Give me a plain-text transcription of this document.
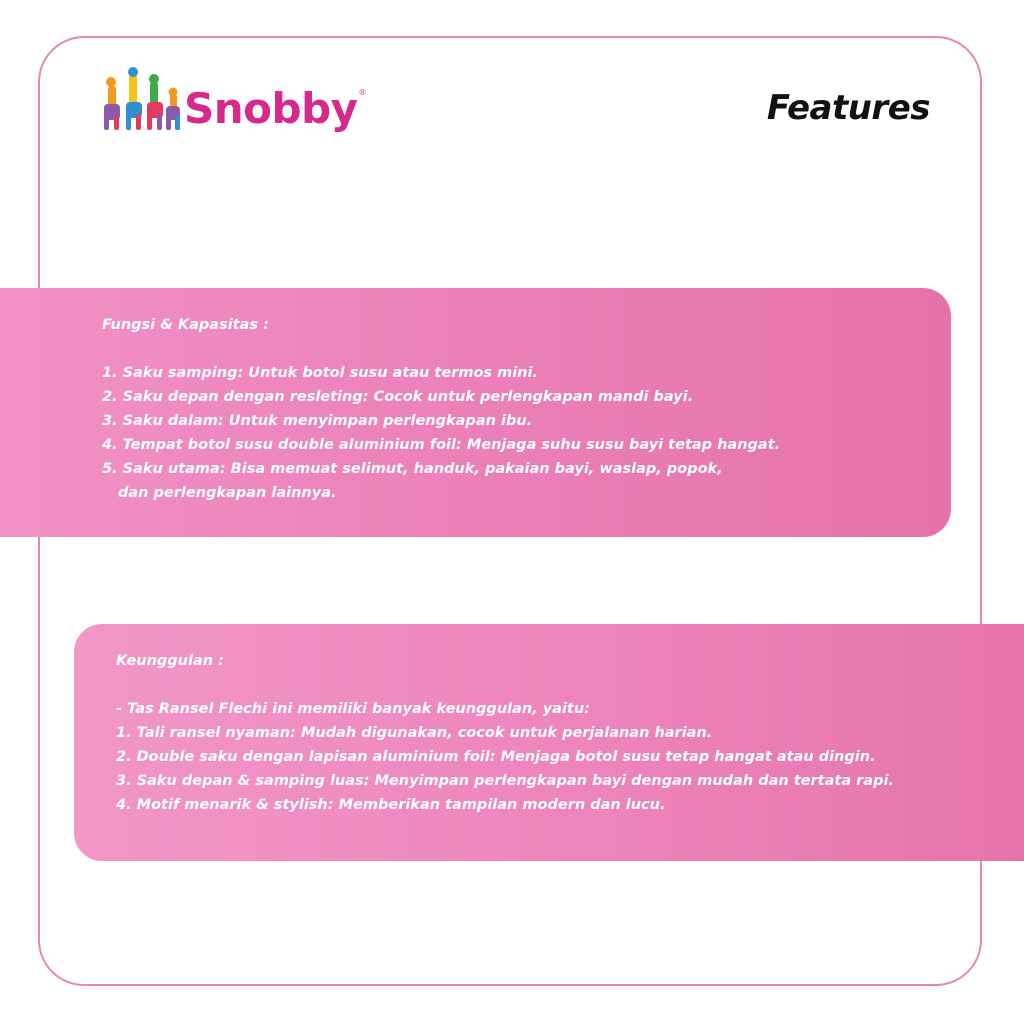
Snobby ®	Features
Fungsi & Kapasitas :
1. Saku samping: Untuk botol susu atau termos mini.
2. Saku depan dengan resleting: Cocok untuk perlengkapan mandi bayi.
3. Saku dalam: Untuk menyimpan perlengkapan ibu.
4. Tempat botol susu double aluminium foil: Menjaga suhu susu bayi tetap hangat.
5. Saku utama: Bisa memuat selimut, handuk, pakaian bayi, waslap, popok,
dan perlengkapan lainnya.
Keunggulan :
- Tas Ransel Flechi ini memiliki banyak keunggulan, yaitu:
1. Tali ransel nyaman: Mudah digunakan, cocok untuk perjalanan harian.
2. Double saku dengan lapisan aluminium foil: Menjaga botol susu tetap hangat atau dingin.
3. Saku depan & samping luas: Menyimpan perlengkapan bayi dengan mudah dan tertata rapi.
4. Motif menarik & stylish: Memberikan tampilan modern dan lucu.
